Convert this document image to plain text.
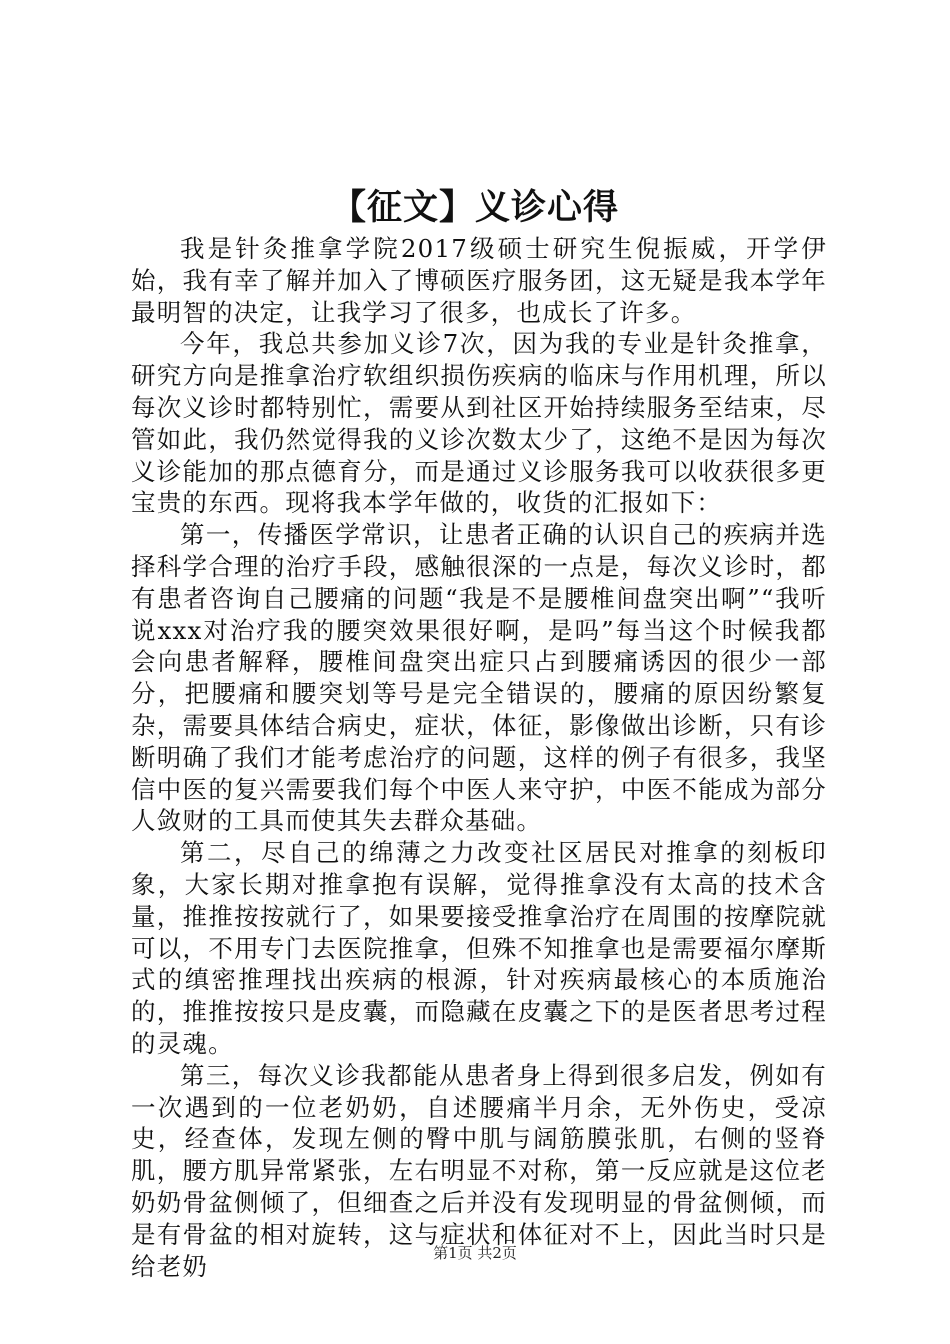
【征文】义诊心得

我是针灸推拿学院2017级硕士研究生倪振威，开学伊始，我有幸了解并加入了博硕医疗服务团，这无疑是我本学年最明智的决定，让我学习了很多，也成长了许多。

今年，我总共参加义诊7次，因为我的专业是针灸推拿，研究方向是推拿治疗软组织损伤疾病的临床与作用机理，所以每次义诊时都特别忙，需要从到社区开始持续服务至结束，尽管如此，我仍然觉得我的义诊次数太少了，这绝不是因为每次义诊能加的那点德育分，而是通过义诊服务我可以收获很多更宝贵的东西。现将我本学年做的，收货的汇报如下：

第一，传播医学常识，让患者正确的认识自己的疾病并选择科学合理的治疗手段，感触很深的一点是，每次义诊时，都有患者咨询自己腰痛的问题“我是不是腰椎间盘突出啊”“我听说xxx对治疗我的腰突效果很好啊，是吗”每当这个时候我都会向患者解释，腰椎间盘突出症只占到腰痛诱因的很少一部分，把腰痛和腰突划等号是完全错误的，腰痛的原因纷繁复杂，需要具体结合病史，症状，体征，影像做出诊断，只有诊断明确了我们才能考虑治疗的问题，这样的例子有很多，我坚信中医的复兴需要我们每个中医人来守护，中医不能成为部分人敛财的工具而使其失去群众基础。

第二，尽自己的绵薄之力改变社区居民对推拿的刻板印象，大家长期对推拿抱有误解，觉得推拿没有太高的技术含量，推推按按就行了，如果要接受推拿治疗在周围的按摩院就可以，不用专门去医院推拿，但殊不知推拿也是需要福尔摩斯式的缜密推理找出疾病的根源，针对疾病最核心的本质施治的，推推按按只是皮囊，而隐藏在皮囊之下的是医者思考过程的灵魂。

第三，每次义诊我都能从患者身上得到很多启发，例如有一次遇到的一位老奶奶，自述腰痛半月余，无外伤史，受凉史，经查体，发现左侧的臀中肌与阔筋膜张肌，右侧的竖脊肌，腰方肌异常紧张，左右明显不对称，第一反应就是这位老奶奶骨盆侧倾了，但细查之后并没有发现明显的骨盆侧倾，而是有骨盆的相对旋转，这与症状和体征对不上，因此当时只是给老奶	第1页 共2页
